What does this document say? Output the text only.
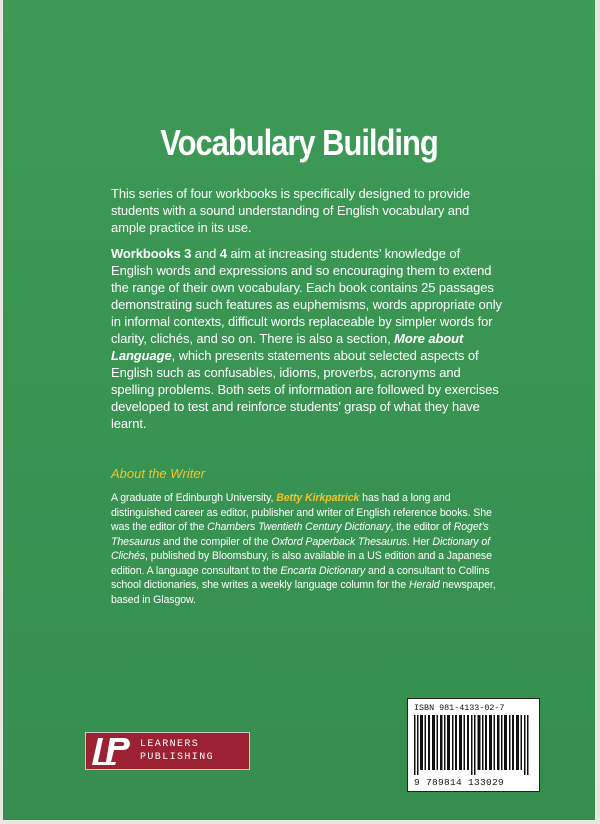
Vocabulary Building

This series of four workbooks is specifically designed to provide students with a sound understanding of English vocabulary and ample practice in its use.

Workbooks 3 and 4 aim at increasing students’ knowledge of English words and expressions and so encouraging them to extend the range of their own vocabulary. Each book contains 25 passages demonstrating such features as euphemisms, words appropriate only in informal contexts, difficult words replaceable by simpler words for clarity, clichés, and so on. There is also a section, More about Language, which presents statements about selected aspects of English such as confusables, idioms, proverbs, acronyms and spelling problems. Both sets of information are followed by exercises developed to test and reinforce students’ grasp of what they have learnt.

About the Writer

A graduate of Edinburgh University, Betty Kirkpatrick has had a long and distinguished career as editor, publisher and writer of English reference books. She was the editor of the Chambers Twentieth Century Dictionary, the editor of Roget’s Thesaurus and the compiler of the Oxford Paperback Thesaurus. Her Dictionary of Clichés, published by Bloomsbury, is also available in a US edition and a Japanese edition. A language consultant to the Encarta Dictionary and a consultant to Collins school dictionaries, she writes a weekly language column for the Herald newspaper, based in Glasgow.

ISBN 981-4133-02-7
9 789814 133029
LEARNERS
PUBLISHING
